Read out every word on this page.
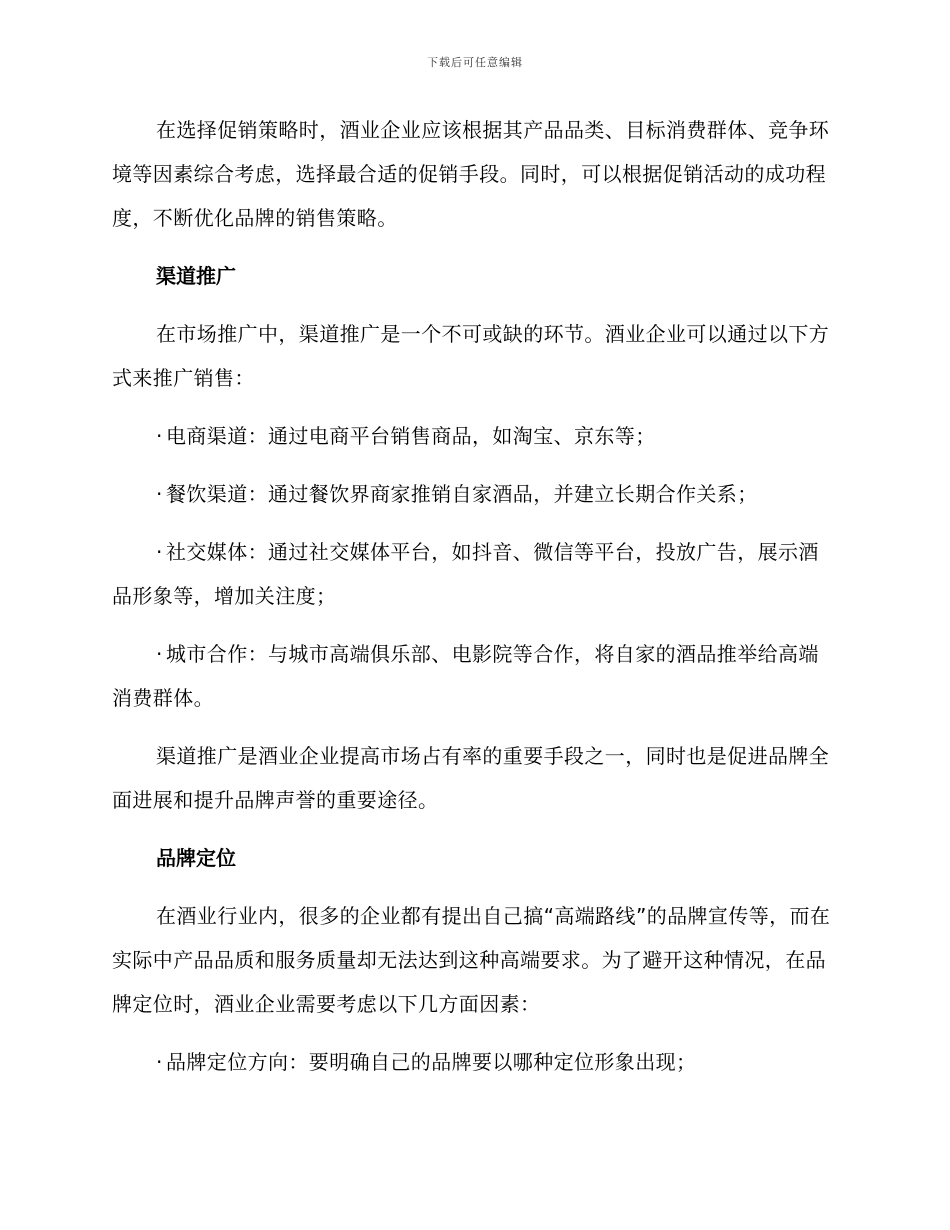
下载后可任意编辑

在选择促销策略时，酒业企业应该根据其产品品类、目标消费群体、竞争环境等因素综合考虑，选择最合适的促销手段。同时，可以根据促销活动的成功程度，不断优化品牌的销售策略。

渠道推广

在市场推广中，渠道推广是一个不可或缺的环节。酒业企业可以通过以下方式来推广销售：

· 电商渠道：通过电商平台销售商品，如淘宝、京东等；

· 餐饮渠道：通过餐饮界商家推销自家酒品，并建立长期合作关系；

· 社交媒体：通过社交媒体平台，如抖音、微信等平台，投放广告，展示酒品形象等，增加关注度；

· 城市合作：与城市高端俱乐部、电影院等合作，将自家的酒品推举给高端消费群体。

渠道推广是酒业企业提高市场占有率的重要手段之一，同时也是促进品牌全面进展和提升品牌声誉的重要途径。

品牌定位

在酒业行业内，很多的企业都有提出自己搞“高端路线”的品牌宣传等，而在实际中产品品质和服务质量却无法达到这种高端要求。为了避开这种情况，在品牌定位时，酒业企业需要考虑以下几方面因素：

· 品牌定位方向：要明确自己的品牌要以哪种定位形象出现；
